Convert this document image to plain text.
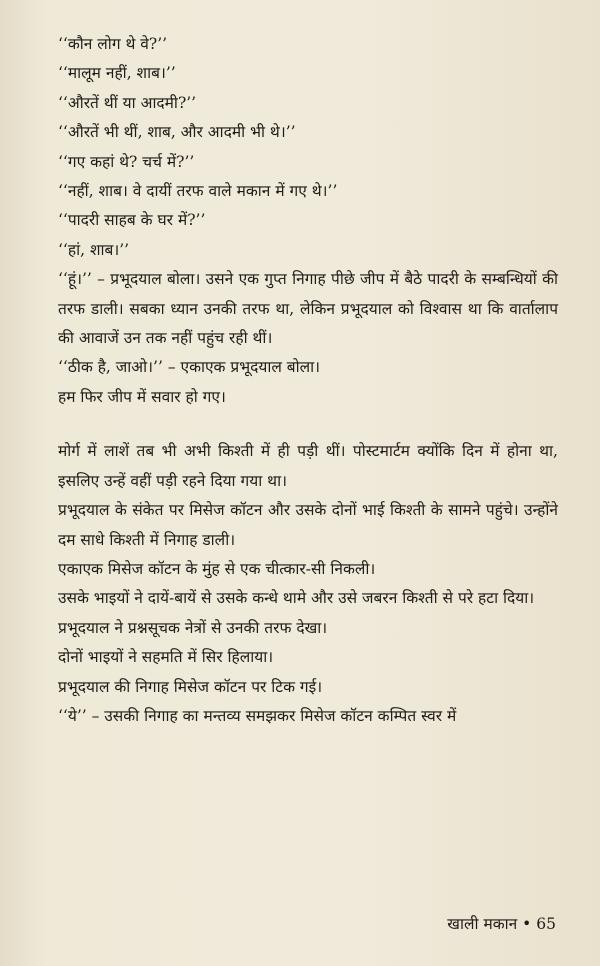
‘‘कौन लोग थे वे?’’

‘‘मालूम नहीं, शाब।’’

‘‘औरतें थीं या आदमी?’’

‘‘औरतें भी थीं, शाब, और आदमी भी थे।’’

‘‘गए कहां थे? चर्च में?’’

‘‘नहीं, शाब। वे दायीं तरफ वाले मकान में गए थे।’’

‘‘पादरी साहब के घर में?’’

‘‘हां, शाब।’’

‘‘हूं।’’ – प्रभूदयाल बोला। उसने एक गुप्त निगाह पीछे जीप में बैठे पादरी के सम्बन्धियों की तरफ डाली। सबका ध्यान उनकी तरफ था, लेकिन प्रभूदयाल को विश्वास था कि वार्तालाप की आवाजें उन तक नहीं पहुंच रही थीं।

‘‘ठीक है, जाओ।’’ – एकाएक प्रभूदयाल बोला।

हम फिर जीप में सवार हो गए।

मोर्ग में लाशें तब भी अभी किश्ती में ही पड़ी थीं। पोस्टमार्टम क्योंकि दिन में होना था, इसलिए उन्हें वहीं पड़ी रहने दिया गया था।

प्रभूदयाल के संकेत पर मिसेज कॉटन और उसके दोनों भाई किश्ती के सामने पहुंचे। उन्होंने दम साधे किश्ती में निगाह डाली।

एकाएक मिसेज कॉटन के मुंह से एक चीत्कार-सी निकली।

उसके भाइयों ने दायें-बायें से उसके कन्धे थामे और उसे जबरन किश्ती से परे हटा दिया।

प्रभूदयाल ने प्रश्नसूचक नेत्रों से उनकी तरफ देखा।

दोनों भाइयों ने सहमति में सिर हिलाया।

प्रभूदयाल की निगाह मिसेज कॉटन पर टिक गई।

‘‘ये’’ – उसकी निगाह का मन्तव्य समझकर मिसेज कॉटन कम्पित स्वर में

खाली मकान • 65
